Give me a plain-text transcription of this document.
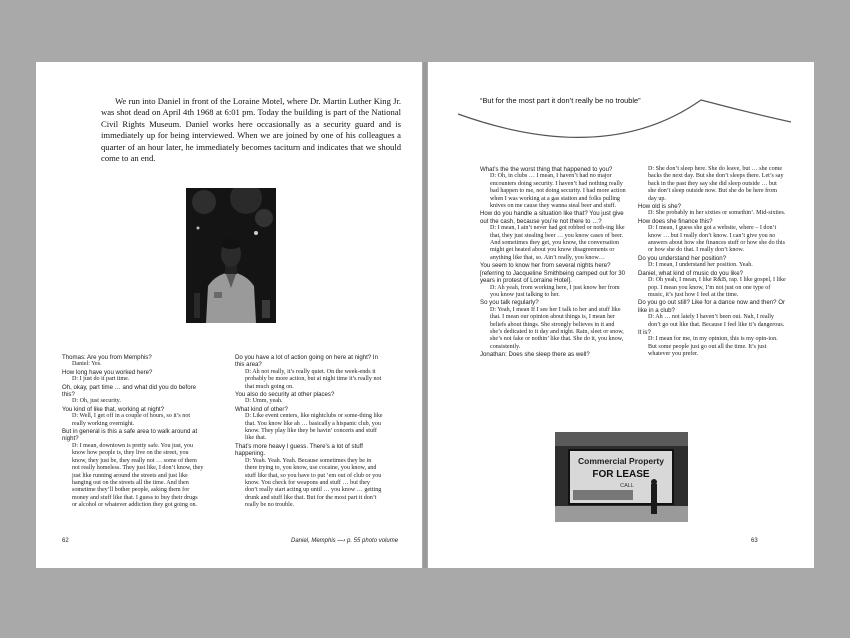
We run into Daniel in front of the Loraine Motel, where Dr. Martin Luther King Jr. was shot dead on April 4th 1968 at 6:01 pm. Today the building is part of the National Civil Rights Museum. Daniel works here occasionally as a security guard and is immediately up for being interviewed. When we are joined by one of his colleagues a quarter of an hour later, he immediately becomes taciturn and indicates that we should come to an end.

Thomas: Are you from Memphis?
Daniel: Yes.
How long have you worked here?
D: I just do it part time.
Oh, okay, part time … and what did you do before this?
D: Oh, just security.
You kind of like that, working at night?
D: Well, I get off in a couple of hours, so it’s not really working overnight.
But in general is this a safe area to walk around at night?
D: I mean, downtown is pretty safe. You just, you know how people is, they live on the street, you know, they just be, they really not … some of them not really homeless. They just like, I don’t know, they just like running around the streets and just like hanging out on the streets all the time. And then sometime they’ll bother people, asking them for money and stuff like that. I guess to buy their drugs or alcohol or whatever addiction they got going on.
Do you have a lot of action going on here at night? In this area?
D: Ah not really, it’s really quiet. On the week-ends it probably be more action, but at night time it’s really not that much going on.
You also do security at other places?
D: Umm, yeah.
What kind of other?
D: Like event centers, like nightclubs or some-thing like that. You know like ah … basically a hispanic club, you know. They play like they be havin’ concerts and stuff like that.
That’s more heavy I guess. There’s a lot of stuff happening.
D: Yeah. Yeah. Yeah. Because sometimes they be in there trying to, you know, use cocaine, you know, and stuff like that, so you have to put ’em out of club or you know. You check for weapons and stuff … but they don’t really start acting up until … you know … getting drunk and stuff like that. But for the most part it don’t really be no trouble.
62	Daniel, Memphis —› p. 55 photo volume
“But for the most part it don’t really be no trouble”
What’s the the worst thing that happened to you?
D: Oh, in clubs … I mean, I haven’t had no major encounters doing security. I haven’t had nothing really bad happen to me, not doing security. I had more action when I was working at a gas station and folks pulling knives on me cause they wanna steal beer and stuff.
How do you handle a situation like that? You just give out the cash, because you’re not there to …?
D: I mean, I ain’t never had got robbed or noth-ing like that, they just stealing beer … you know cases of beer. And sometimes they get, you know, the conversation might get heated about you know disagreements or anything like that, so. Ain’t really, you know…
You seem to know her from several nights here? [referring to Jacqueline Smithbeing camped out for 30 years in protest of Lorraine Hotel].
D: Ah yeah, from working here, I just know her from you know just talking to her.
So you talk regularly?
D: Yeah, I mean If I see her I talk to her and stuff like that. I mean our opinion about things is, I mean her beliefs about things. She strongly believes in it and she’s dedicated to it day and night. Rain, sleet or snow, she’s not fake or nothin’ like that. She do it, you know, consistently.
Jonathan: Does she sleep there as well?
D: She don’t sleep here. She do leave, but … she come backs the next day. But she don’t sleeps there. Let’s say back in the past they say she did sleep outside … but she don’t sleep outside now. But she do be here from day up.
How old is she?
D: She probably in her sixties or somethin’. Mid-sixties.
How does she finance this?
D: I mean, I guess she got a website, where – I don’t know … but I really don’t know. I can’t give you no answers about how she finances stuff or how she do this or how she do that. I really don’t know.
Do you understand her position?
D: I mean, I understand her position. Yeah.
Daniel, what kind of music do you like?
D: Oh yeah, I mean, I like R&B, rap. I like gospel, I like pop. I mean you know, I’m not just on one type of music, it’s just how I feel at the time.
Do you go out still? Like for a dance now and then? Or like in a club?
D: Ah … not lately I haven’t been out. Nah, I really don’t go out like that. Because I feel like it’s dangerous.
It is?
D: I mean for me, in my opinion, this is my opin-ion. But some people just go out all the time. It’s just whatever you prefer.
Commercial Property
FOR LEASE
CALL
63
